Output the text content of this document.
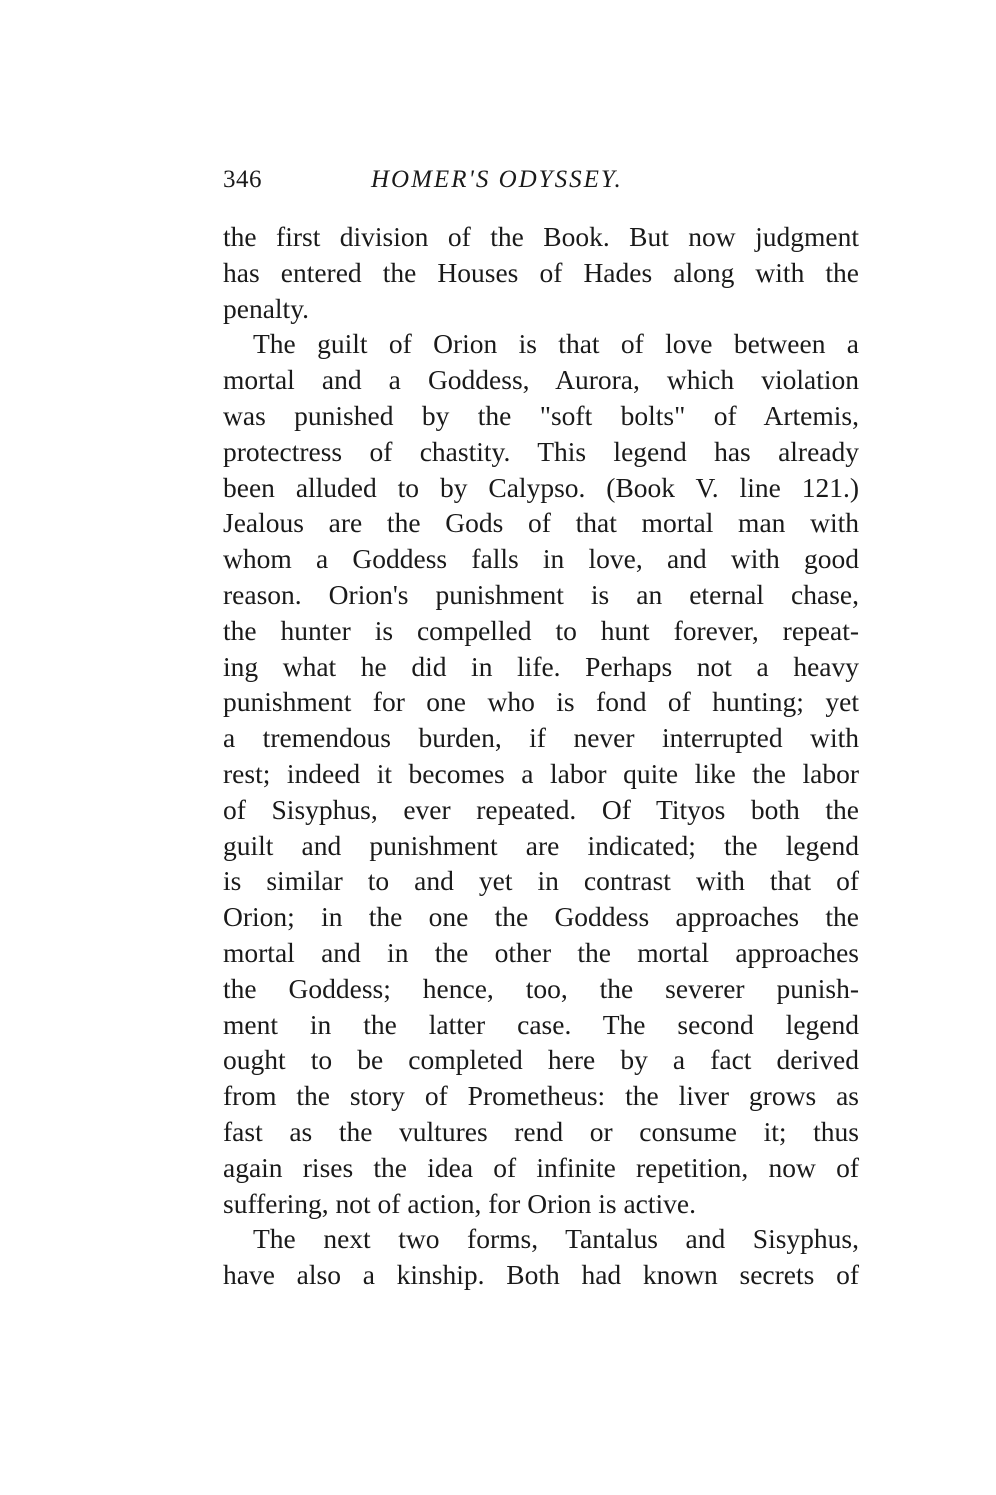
346	HOMER'S ODYSSEY.
the first division of the Book. But now judgment
has entered the Houses of Hades along with the
penalty.
The guilt of Orion is that of love between a
mortal and a Goddess, Aurora, which violation
was punished by the "soft bolts" of Artemis,
protectress of chastity. This legend has already
been alluded to by Calypso. (Book V. line 121.)
Jealous are the Gods of that mortal man with
whom a Goddess falls in love, and with good
reason. Orion's punishment is an eternal chase,
the hunter is compelled to hunt forever, repeat-
ing what he did in life. Perhaps not a heavy
punishment for one who is fond of hunting; yet
a tremendous burden, if never interrupted with
rest; indeed it becomes a labor quite like the labor
of Sisyphus, ever repeated. Of Tityos both the
guilt and punishment are indicated; the legend
is similar to and yet in contrast with that of
Orion; in the one the Goddess approaches the
mortal and in the other the mortal approaches
the Goddess; hence, too, the severer punish-
ment in the latter case. The second legend
ought to be completed here by a fact derived
from the story of Prometheus: the liver grows as
fast as the vultures rend or consume it; thus
again rises the idea of infinite repetition, now of
suffering, not of action, for Orion is active.
The next two forms, Tantalus and Sisyphus,
have also a kinship. Both had known secrets of
